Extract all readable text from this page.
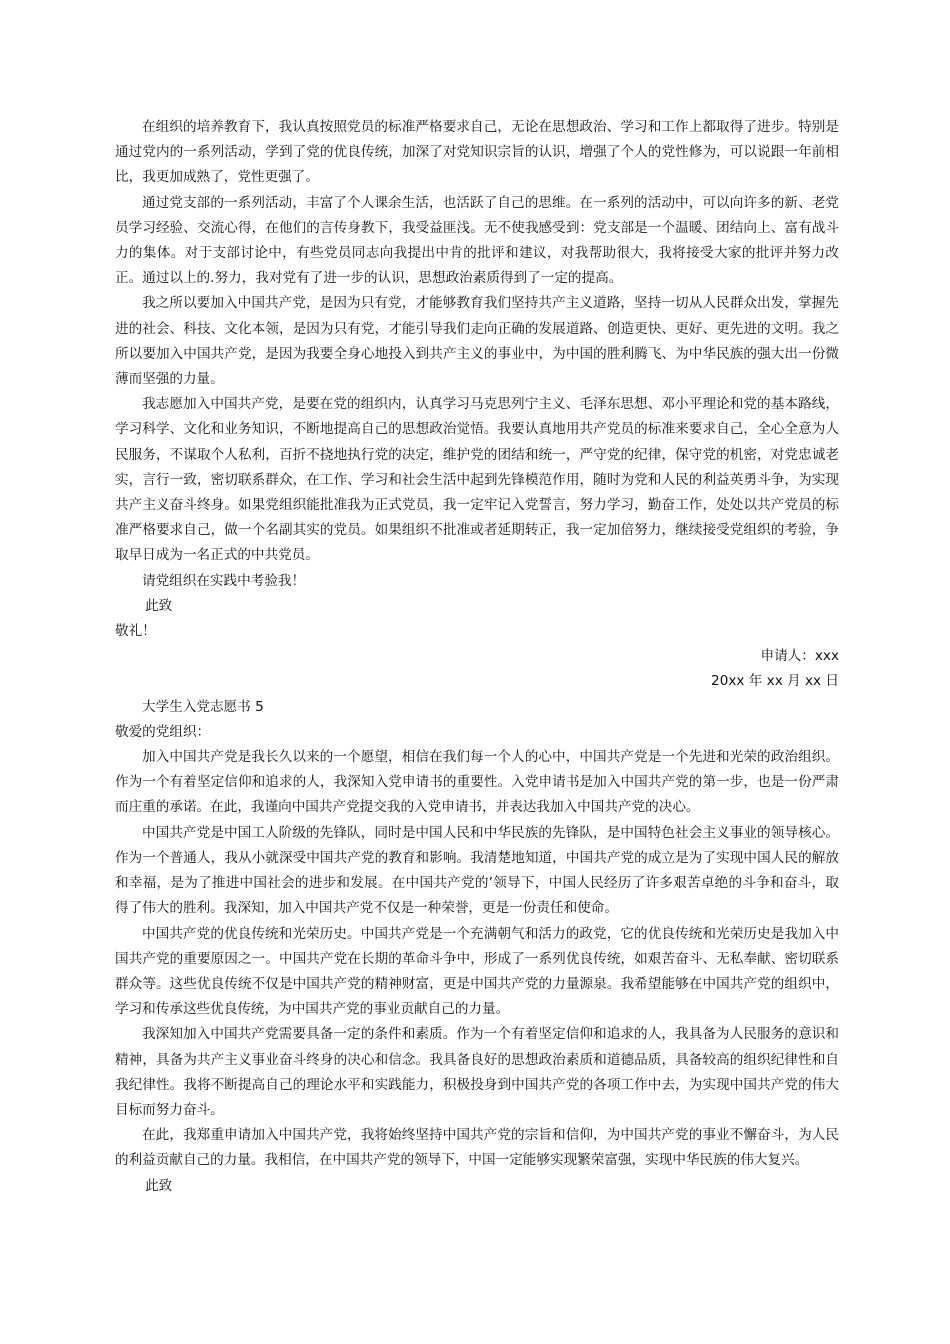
在组织的培养教育下，我认真按照党员的标准严格要求自己，无论在思想政治、学习和工作上都取得了进步。特别是通过党内的一系列活动，学到了党的优良传统，加深了对党知识宗旨的认识，增强了个人的党性修为，可以说跟一年前相比，我更加成熟了，党性更强了。

通过党支部的一系列活动，丰富了个人课余生活，也活跃了自己的思维。在一系列的活动中，可以向许多的新、老党员学习经验、交流心得，在他们的言传身教下，我受益匪浅。无不使我感受到：党支部是一个温暖、团结向上、富有战斗力的集体。对于支部讨论中，有些党员同志向我提出中肯的批评和建议，对我帮助很大，我将接受大家的批评并努力改正。通过以上的.努力，我对党有了进一步的认识，思想政治素质得到了一定的提高。

我之所以要加入中国共产党，是因为只有党，才能够教育我们坚持共产主义道路，坚持一切从人民群众出发，掌握先进的社会、科技、文化本领，是因为只有党，才能引导我们走向正确的发展道路、创造更快、更好、更先进的文明。我之所以要加入中国共产党，是因为我要全身心地投入到共产主义的事业中，为中国的胜利腾飞、为中华民族的强大出一份微薄而坚强的力量。

我志愿加入中国共产党，是要在党的组织内，认真学习马克思列宁主义、毛泽东思想、邓小平理论和党的基本路线，学习科学、文化和业务知识，不断地提高自己的思想政治觉悟。我要认真地用共产党员的标准来要求自己，全心全意为人民服务，不谋取个人私利，百折不挠地执行党的决定，维护党的团结和统一，严守党的纪律，保守党的机密，对党忠诚老实，言行一致，密切联系群众，在工作、学习和社会生活中起到先锋模范作用，随时为党和人民的利益英勇斗争，为实现共产主义奋斗终身。如果党组织能批准我为正式党员，我一定牢记入党誓言，努力学习，勤奋工作，处处以共产党员的标准严格要求自己，做一个名副其实的党员。如果组织不批准或者延期转正，我一定加倍努力，继续接受党组织的考验，争取早日成为一名正式的中共党员。

请党组织在实践中考验我！

此致

敬礼！

申请人：xxx

20xx 年 xx 月 xx 日

大学生入党志愿书 5

敬爱的党组织：

加入中国共产党是我长久以来的一个愿望，相信在我们每一个人的心中，中国共产党是一个先进和光荣的政治组织。作为一个有着坚定信仰和追求的人，我深知入党申请书的重要性。入党申请书是加入中国共产党的第一步，也是一份严肃而庄重的承诺。在此，我谨向中国共产党提交我的入党申请书，并表达我加入中国共产党的决心。

中国共产党是中国工人阶级的先锋队，同时是中国人民和中华民族的先锋队，是中国特色社会主义事业的领导核心。作为一个普通人，我从小就深受中国共产党的教育和影响。我清楚地知道，中国共产党的成立是为了实现中国人民的解放和幸福，是为了推进中国社会的进步和发展。在中国共产党的’领导下，中国人民经历了许多艰苦卓绝的斗争和奋斗，取得了伟大的胜利。我深知，加入中国共产党不仅是一种荣誉，更是一份责任和使命。

中国共产党的优良传统和光荣历史。中国共产党是一个充满朝气和活力的政党，它的优良传统和光荣历史是我加入中国共产党的重要原因之一。中国共产党在长期的革命斗争中，形成了一系列优良传统，如艰苦奋斗、无私奉献、密切联系群众等。这些优良传统不仅是中国共产党的精神财富，更是中国共产党的力量源泉。我希望能够在中国共产党的组织中，学习和传承这些优良传统，为中国共产党的事业贡献自己的力量。

我深知加入中国共产党需要具备一定的条件和素质。作为一个有着坚定信仰和追求的人，我具备为人民服务的意识和精神，具备为共产主义事业奋斗终身的决心和信念。我具备良好的思想政治素质和道德品质，具备较高的组织纪律性和自我纪律性。我将不断提高自己的理论水平和实践能力，积极投身到中国共产党的各项工作中去，为实现中国共产党的伟大目标而努力奋斗。

在此，我郑重申请加入中国共产党，我将始终坚持中国共产党的宗旨和信仰，为中国共产党的事业不懈奋斗，为人民的利益贡献自己的力量。我相信，在中国共产党的领导下，中国一定能够实现繁荣富强，实现中华民族的伟大复兴。

此致
